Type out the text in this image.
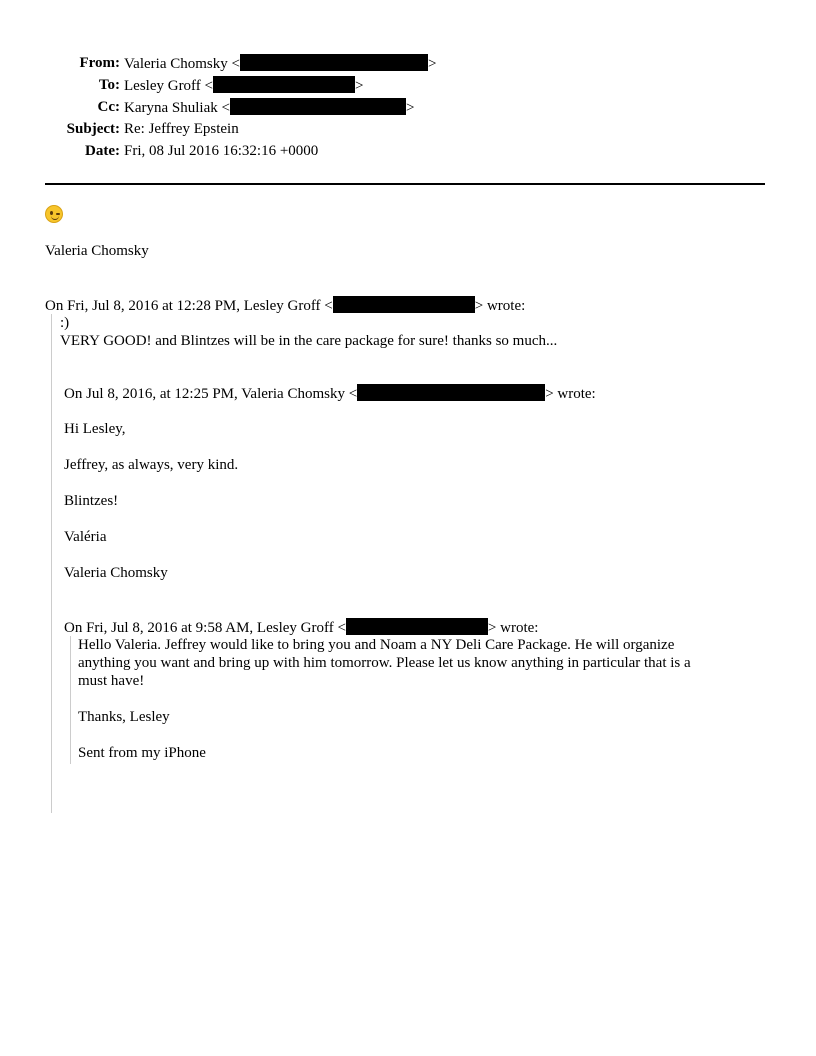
From: Valeria Chomsky <	>
To: Lesley Groff <	>
Cc: Karyna Shuliak <	>
Subject: Re: Jeffrey Epstein
Date: Fri, 08 Jul 2016 16:32:16 +0000
Valeria Chomsky
On Fri, Jul 8, 2016 at 12:28 PM, Lesley Groff <	> wrote:
:)
VERY GOOD! and Blintzes will be in the care package for sure! thanks so much...
On Jul 8, 2016, at 12:25 PM, Valeria Chomsky <	> wrote:
Hi Lesley,
Jeffrey, as always, very kind.
Blintzes!
Valéria
Valeria Chomsky
On Fri, Jul 8, 2016 at 9:58 AM, Lesley Groff <	> wrote:
Hello Valeria. Jeffrey would like to bring you and Noam a NY Deli Care Package. He will organize
anything you want and bring up with him tomorrow. Please let us know anything in particular that is a
must have!
Thanks, Lesley
Sent from my iPhone
